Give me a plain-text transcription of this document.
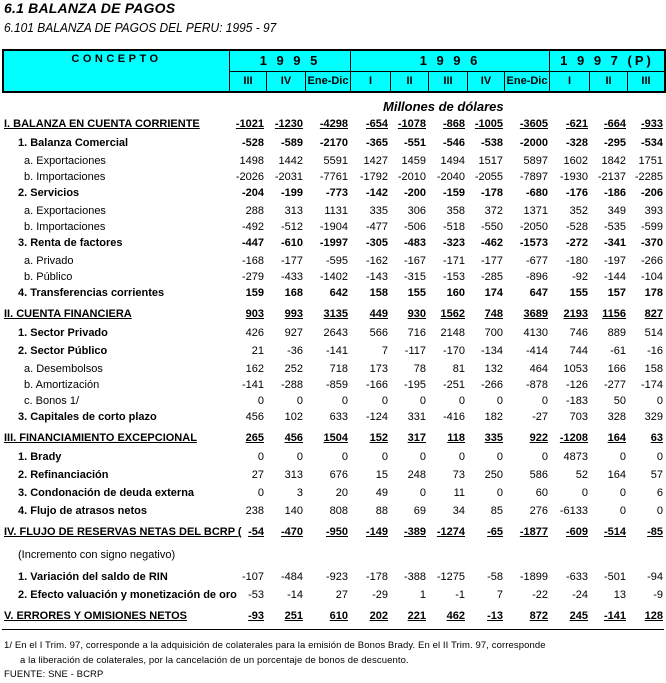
6.1 BALANZA DE PAGOS
6.101 BALANZA DE PAGOS DEL PERU: 1995 - 97
CONCEPTO	1 9 9 5			1 9 9 6					1 9 9 7 (P)		
	III	IV	Ene-Dic	I	II	III	IV	Ene-Dic	I	II	III
Millones de dólares
I. BALANZA EN CUENTA CORRIENTE	-1021 -1230 -4298 -654 -1078 -868 -1005 -3605 -621 -664 -933
1. Balanza Comercial	-528 -589 -2170 -365 -551 -546 -538 -2000 -328 -295 -534
a. Exportaciones	1498 1442 5591 1427 1459 1494 1517 5897 1602 1842 1751
b. Importaciones	-2026 -2031 -7761 -1792 -2010 -2040 -2055 -7897 -1930 -2137 -2285
2. Servicios	-204 -199 -773 -142 -200 -159 -178 -680 -176 -186 -206
a. Exportaciones	288 313 1131 335 306 358 372 1371 352 349 393
b. Importaciones	-492 -512 -1904 -477 -506 -518 -550 -2050 -528 -535 -599
3. Renta de factores	-447 -610 -1997 -305 -483 -323 -462 -1573 -272 -341 -370
a. Privado	-168 -177 -595 -162 -167 -171 -177 -677 -180 -197 -266
b. Público	-279 -433 -1402 -143 -315 -153 -285 -896 -92 -144 -104
4. Transferencias corrientes	159 168 642 158 155 160 174 647 155 157 178
II. CUENTA FINANCIERA	903 993 3135 449 930 1562 748 3689 2193 1156 827
1. Sector Privado	426 927 2643 566 716 2148 700 4130 746 889 514
2. Sector Público	21 -36 -141	7 -117 -170 -134 -414 744 -61 -16
a. Desembolsos	162 252 718 173 78 81 132 464 1053 166 158
b. Amortización	-141 -288 -859 -166 -195 -251 -266 -878 -126 -277 -174
c. Bonos 1/	0	0	0	0	0	0	0	0 -183 50	0
3. Capitales de corto plazo	456 102 633 -124 331 -416 182	-27 703 328 329
III. FINANCIAMIENTO EXCEPCIONAL	265 456 1504 152 317 118 335 922 -1208 164 63
1. Brady	0	0	0	0	0	0	0	0 4873	0	0
2. Refinanciación	27 313 676	15 248 73 250 586	52 164 57
3. Condonación de deuda externa	0	3	20	49	0	11	0	60	0	0	6
4. Flujo de atrasos netos	238 140 808	88 69 34 85 276 -6133	0	0
IV. FLUJO DE RESERVAS NETAS DEL BCRP ( -54 -470 -950 -149 -389 -1274 -65 -1877 -609 -514 -85
(Incremento con signo negativo)
1. Variación del saldo de RIN	-107 -484 -923 -178 -388 -1275 -58 -1899 -633 -501 -94
2. Efecto valuación y monetización de oro -53 -14	27 -29	1	-1	7	-22 -24 13 -9
V. ERRORES Y OMISIONES NETOS	-93 251 610 202 221 462 -13 872 245 -141 128
1/ En el I Trim. 97, corresponde a la adquisición de colaterales para la emisión de Bonos Brady. En el II Trim. 97, corresponde
a la liberación de colaterales, por la cancelación de un porcentaje de bonos de descuento.
FUENTE: SNE - BCRP
